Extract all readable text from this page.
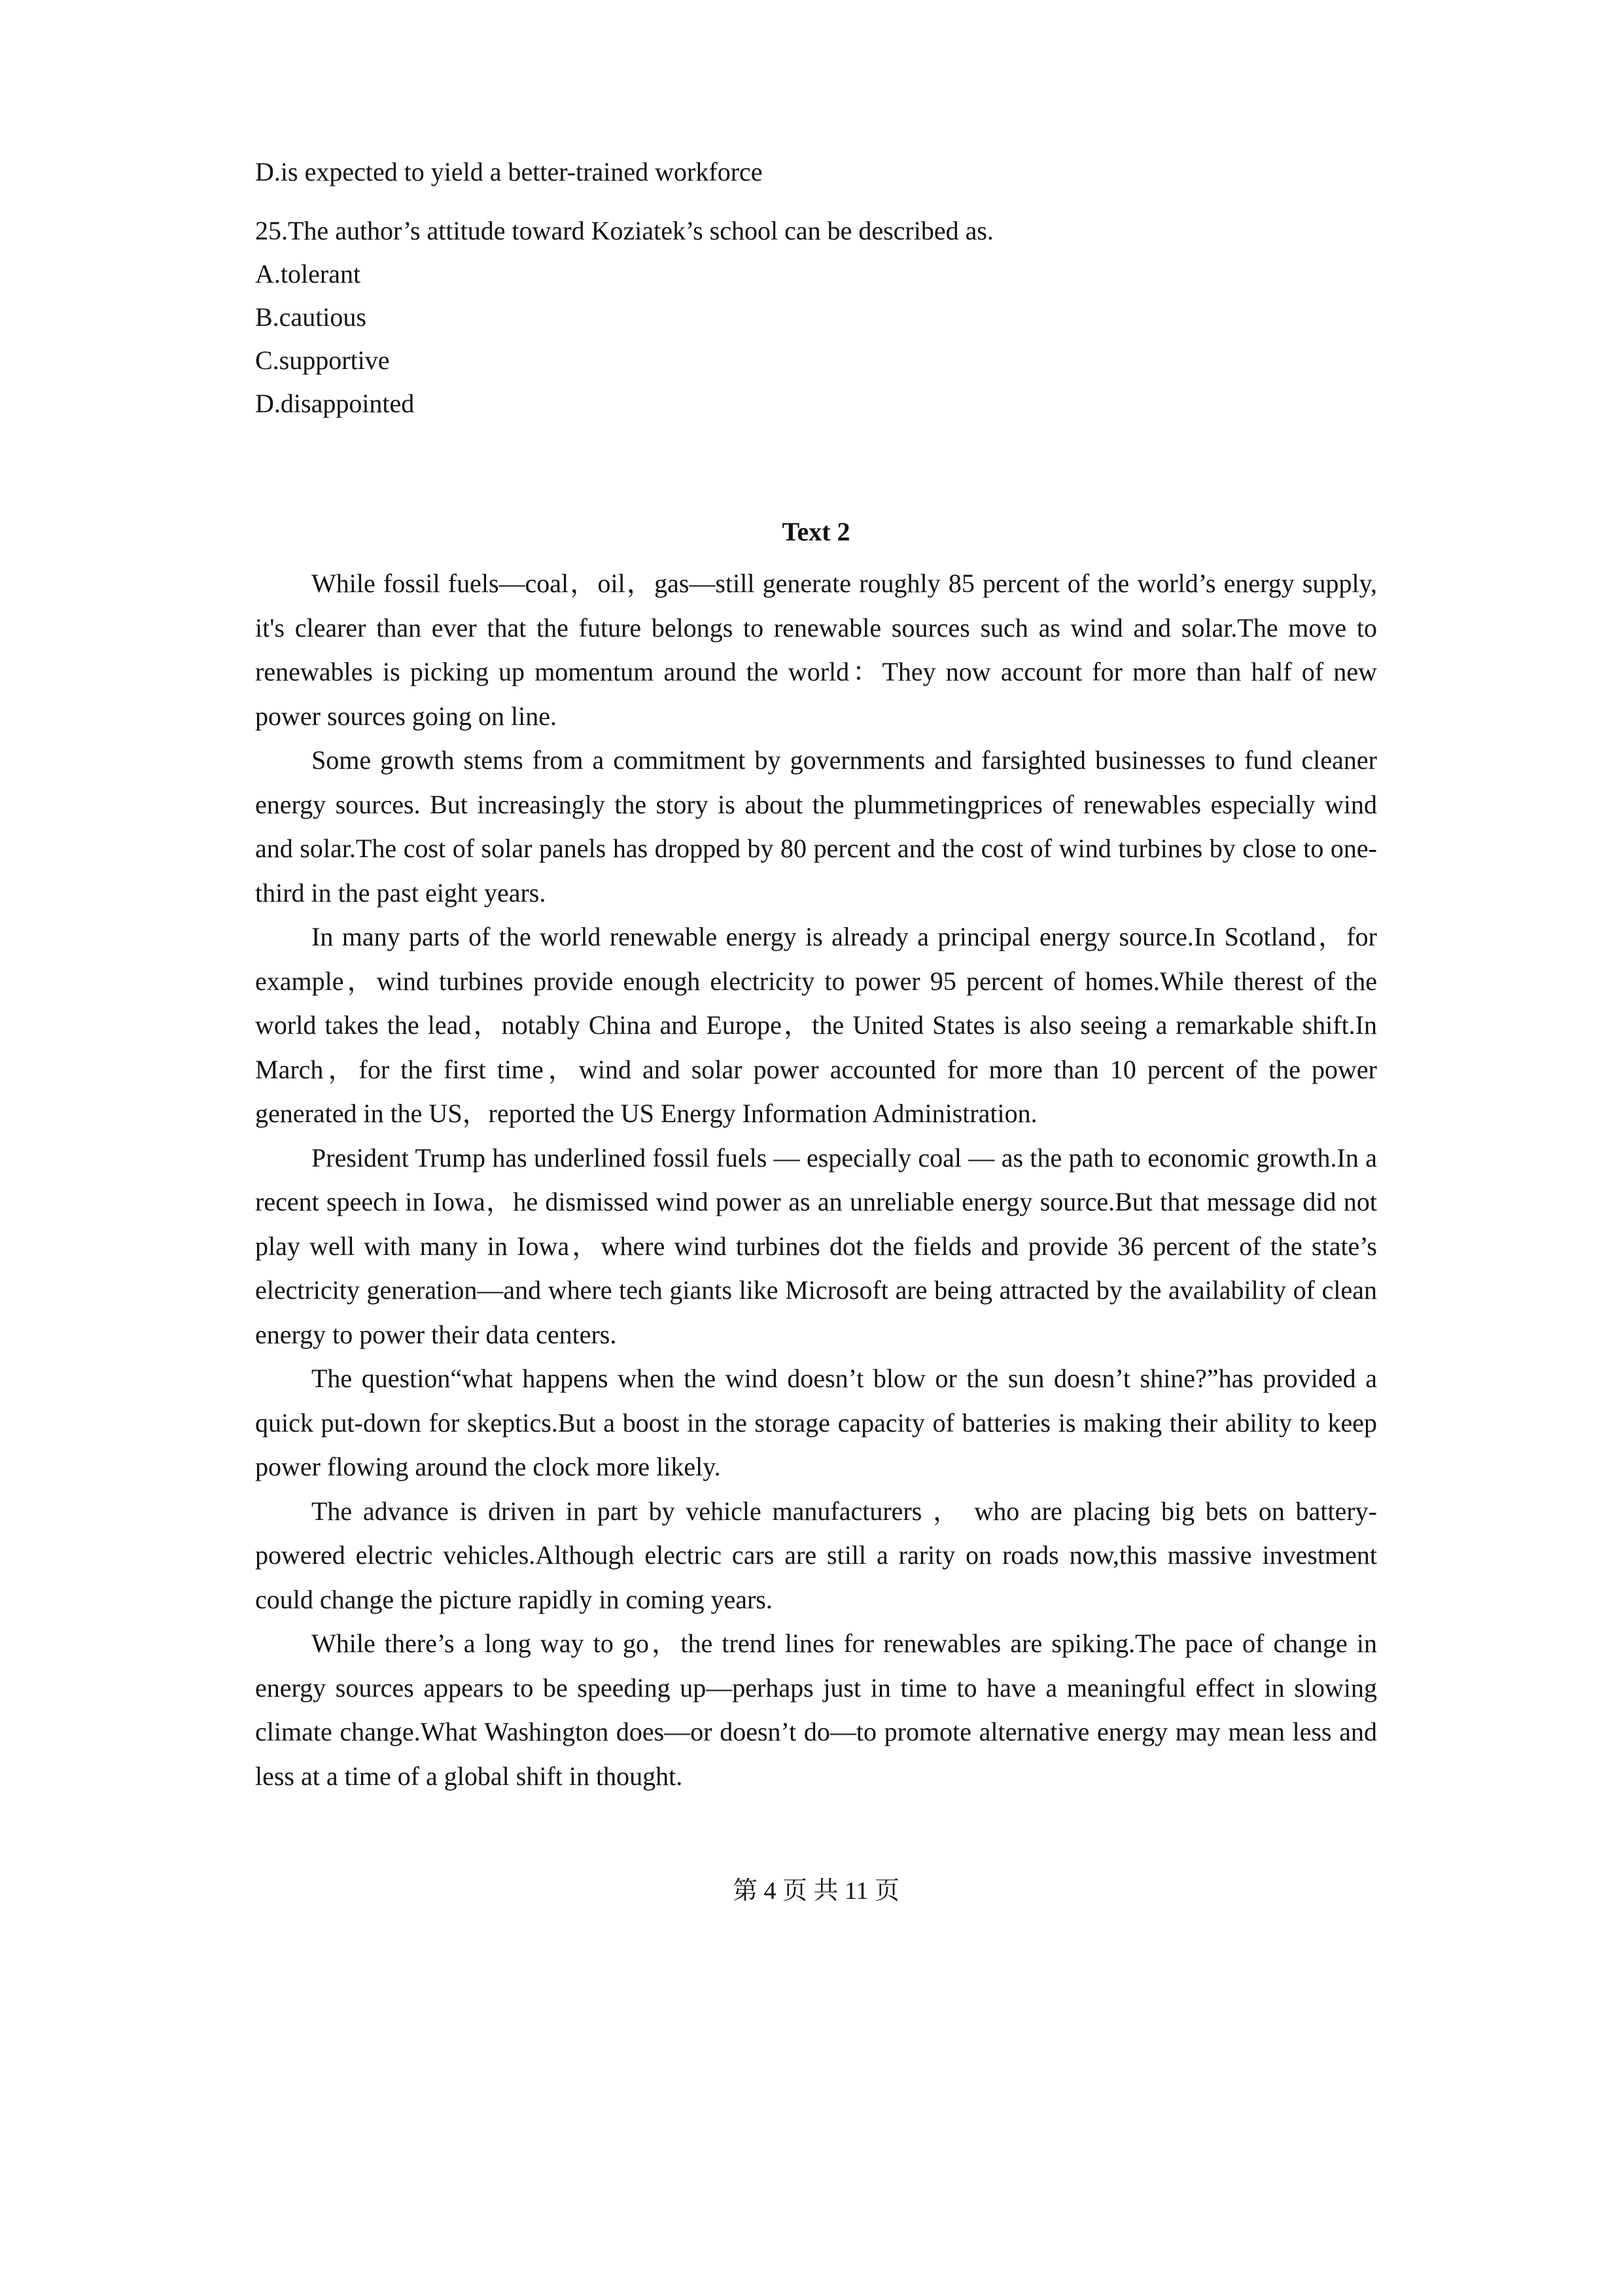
D.is expected to yield a better-trained workforce

25.The author’s attitude toward Koziatek’s school can be described as.

A.tolerant

B.cautious

C.supportive

D.disappointed

Text 2

While fossil fuels—coal，oil，gas—still generate roughly 85 percent of the world’s energy supply, it's clearer than ever that the future belongs to renewable sources such as wind and solar.The move to renewables is picking up momentum around the world：They now account for more than half of new power sources going on line.

Some growth stems from a commitment by governments and farsighted businesses to fund cleaner energy sources. But increasingly the story is about the plummetingprices of renewables especially wind and solar.The cost of solar panels has dropped by 80 percent and the cost of wind turbines by close to one-third in the past eight years.

In many parts of the world renewable energy is already a principal energy source.In Scotland，for example，wind turbines provide enough electricity to power 95 percent of homes.While therest of the world takes the lead，notably China and Europe，the United States is also seeing a remarkable shift.In March，for the first time，wind and solar power accounted for more than 10 percent of the power generated in the US，reported the US Energy Information Administration.

President Trump has underlined fossil fuels — especially coal — as the path to economic growth.In a recent speech in Iowa，he dismissed wind power as an unreliable energy source.But that message did not play well with many in Iowa，where wind turbines dot the fields and provide 36 percent of the state’s electricity generation—and where tech giants like Microsoft are being attracted by the availability of clean energy to power their data centers.

The question“what happens when the wind doesn’t blow or the sun doesn’t shine?”has provided a quick put-down for skeptics.But a boost in the storage capacity of batteries is making their ability to keep power flowing around the clock more likely.

The advance is driven in part by vehicle manufacturers ， who are placing big bets on battery-powered electric vehicles.Although electric cars are still a rarity on roads now,this massive investment could change the picture rapidly in coming years.

While there’s a long way to go，the trend lines for renewables are spiking.The pace of change in energy sources appears to be speeding up—perhaps just in time to have a meaningful effect in slowing climate change.What Washington does—or doesn’t do—to promote alternative energy may mean less and less at a time of a global shift in thought.

第 4 页 共 11 页
